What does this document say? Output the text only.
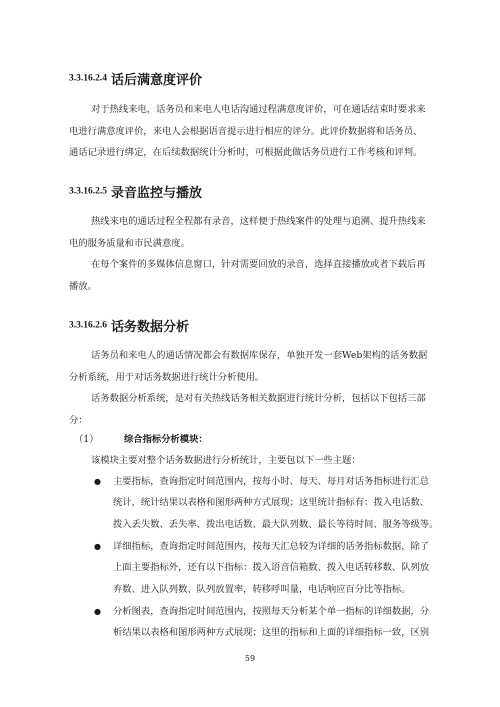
3.3.16.2.4 话后满意度评价
对于热线来电，话务员和来电人电话沟通过程满意度评价，可在通话结束时要求来
电进行满意度评价，来电人会根据语音提示进行相应的评分。此评价数据将和话务员、
通话记录进行绑定，在后续数据统计分析时，可根据此做话务员进行工作考核和评判。
3.3.16.2.5 录音监控与播放
热线来电的通话过程全程都有录音，这样便于热线案件的处理与追溯、提升热线来
电的服务质量和市民满意度。
在每个案件的多媒体信息窗口，针对需要回放的录音，选择直接播放或者下载后再
播放。
3.3.16.2.6 话务数据分析
话务员和来电人的通话情况都会有数据库保存，单独开发一套Web架构的话务数据
分析系统，用于对话务数据进行统计分析使用。
话务数据分析系统，是对有关热线话务相关数据进行统计分析，包括以下包括三部
分：
（1）	综合指标分析模块：
该模块主要对整个话务数据进行分析统计，主要包以下一些主题：
● 主要指标，查询指定时间范围内，按每小时、每天、每月对话务指标进行汇总
统计，统计结果以表格和图形两种方式展现；这里统计指标有：拨入电话数、
拨入丢失数、丢失率、拨出电话数、最大队列数、最长等待时间、服务等级等。
● 详细指标，查询指定时间范围内，按每天汇总较为详细的话务指标数据，除了
上面主要指标外，还有以下指标：拨入语音信箱数、拨入电话转移数、队列放
弃数、进入队列数、队列放置率，转移呼叫量，电话响应百分比等指标。
● 分析图表，查询指定时间范围内，按照每天分析某个单一指标的详细数据，分
析结果以表格和图形两种方式展现；这里的指标和上面的详细指标一致，区别
59
